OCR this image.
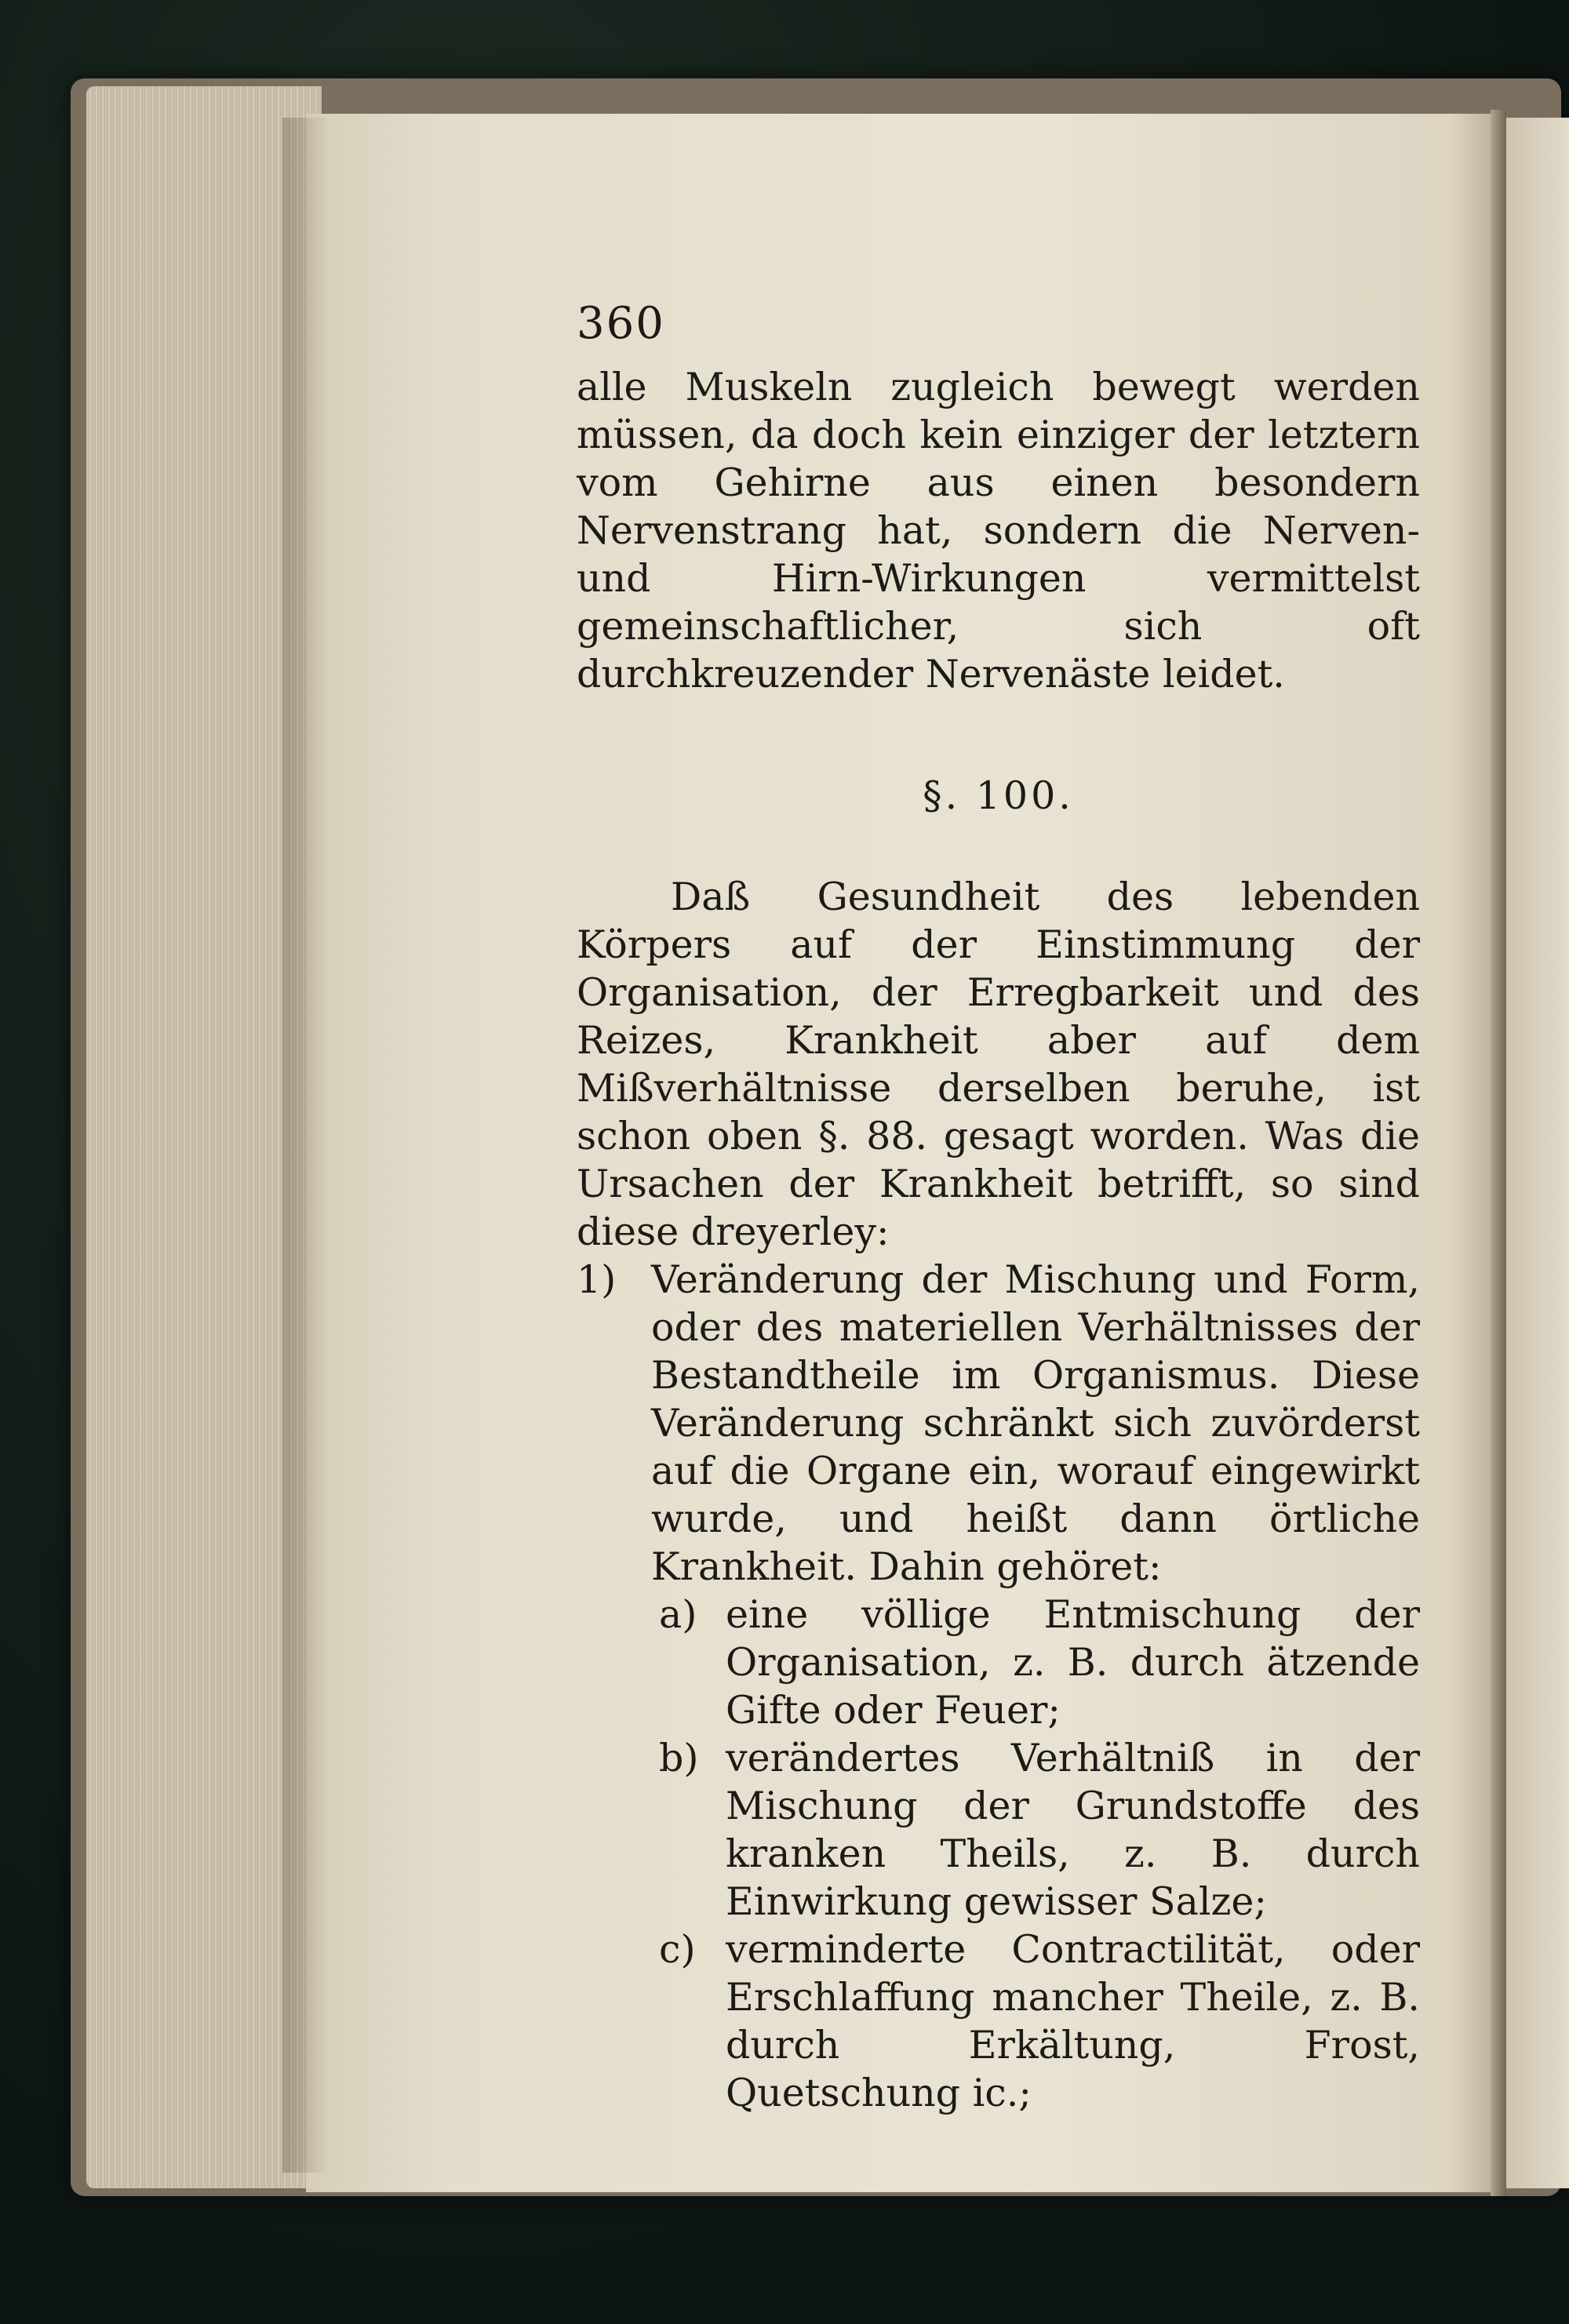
360

alle Muskeln zugleich bewegt werden müssen, da doch kein einziger der letztern vom Gehirne aus einen besondern Nervenstrang hat, sondern die Nerven- und Hirn-Wirkungen vermittelst gemeinschaftlicher, sich oft durchkreuzender Nervenäste leidet.

§. 100.

Daß Gesundheit des lebenden Körpers auf der Einstimmung der Organisation, der Erregbarkeit und des Reizes, Krankheit aber auf dem Mißverhältnisse derselben beruhe, ist schon oben §. 88. gesagt worden. Was die Ursachen der Krankheit betrifft, so sind diese dreyerley:

1) Veränderung der Mischung und Form, oder des materiellen Verhältnisses der Bestandtheile im Organismus. Diese Veränderung schränkt sich zuvörderst auf die Organe ein, worauf eingewirkt wurde, und heißt dann örtliche Krankheit. Dahin gehöret:

a) eine völlige Entmischung der Organisation, z. B. durch ätzende Gifte oder Feuer;

b) verändertes Verhältniß in der Mischung der Grundstoffe des kranken Theils, z. B. durch Einwirkung gewisser Salze;

c) verminderte Contractilität, oder Erschlaffung mancher Theile, z. B. durch Erkältung, Frost, Quetschung ic.;
